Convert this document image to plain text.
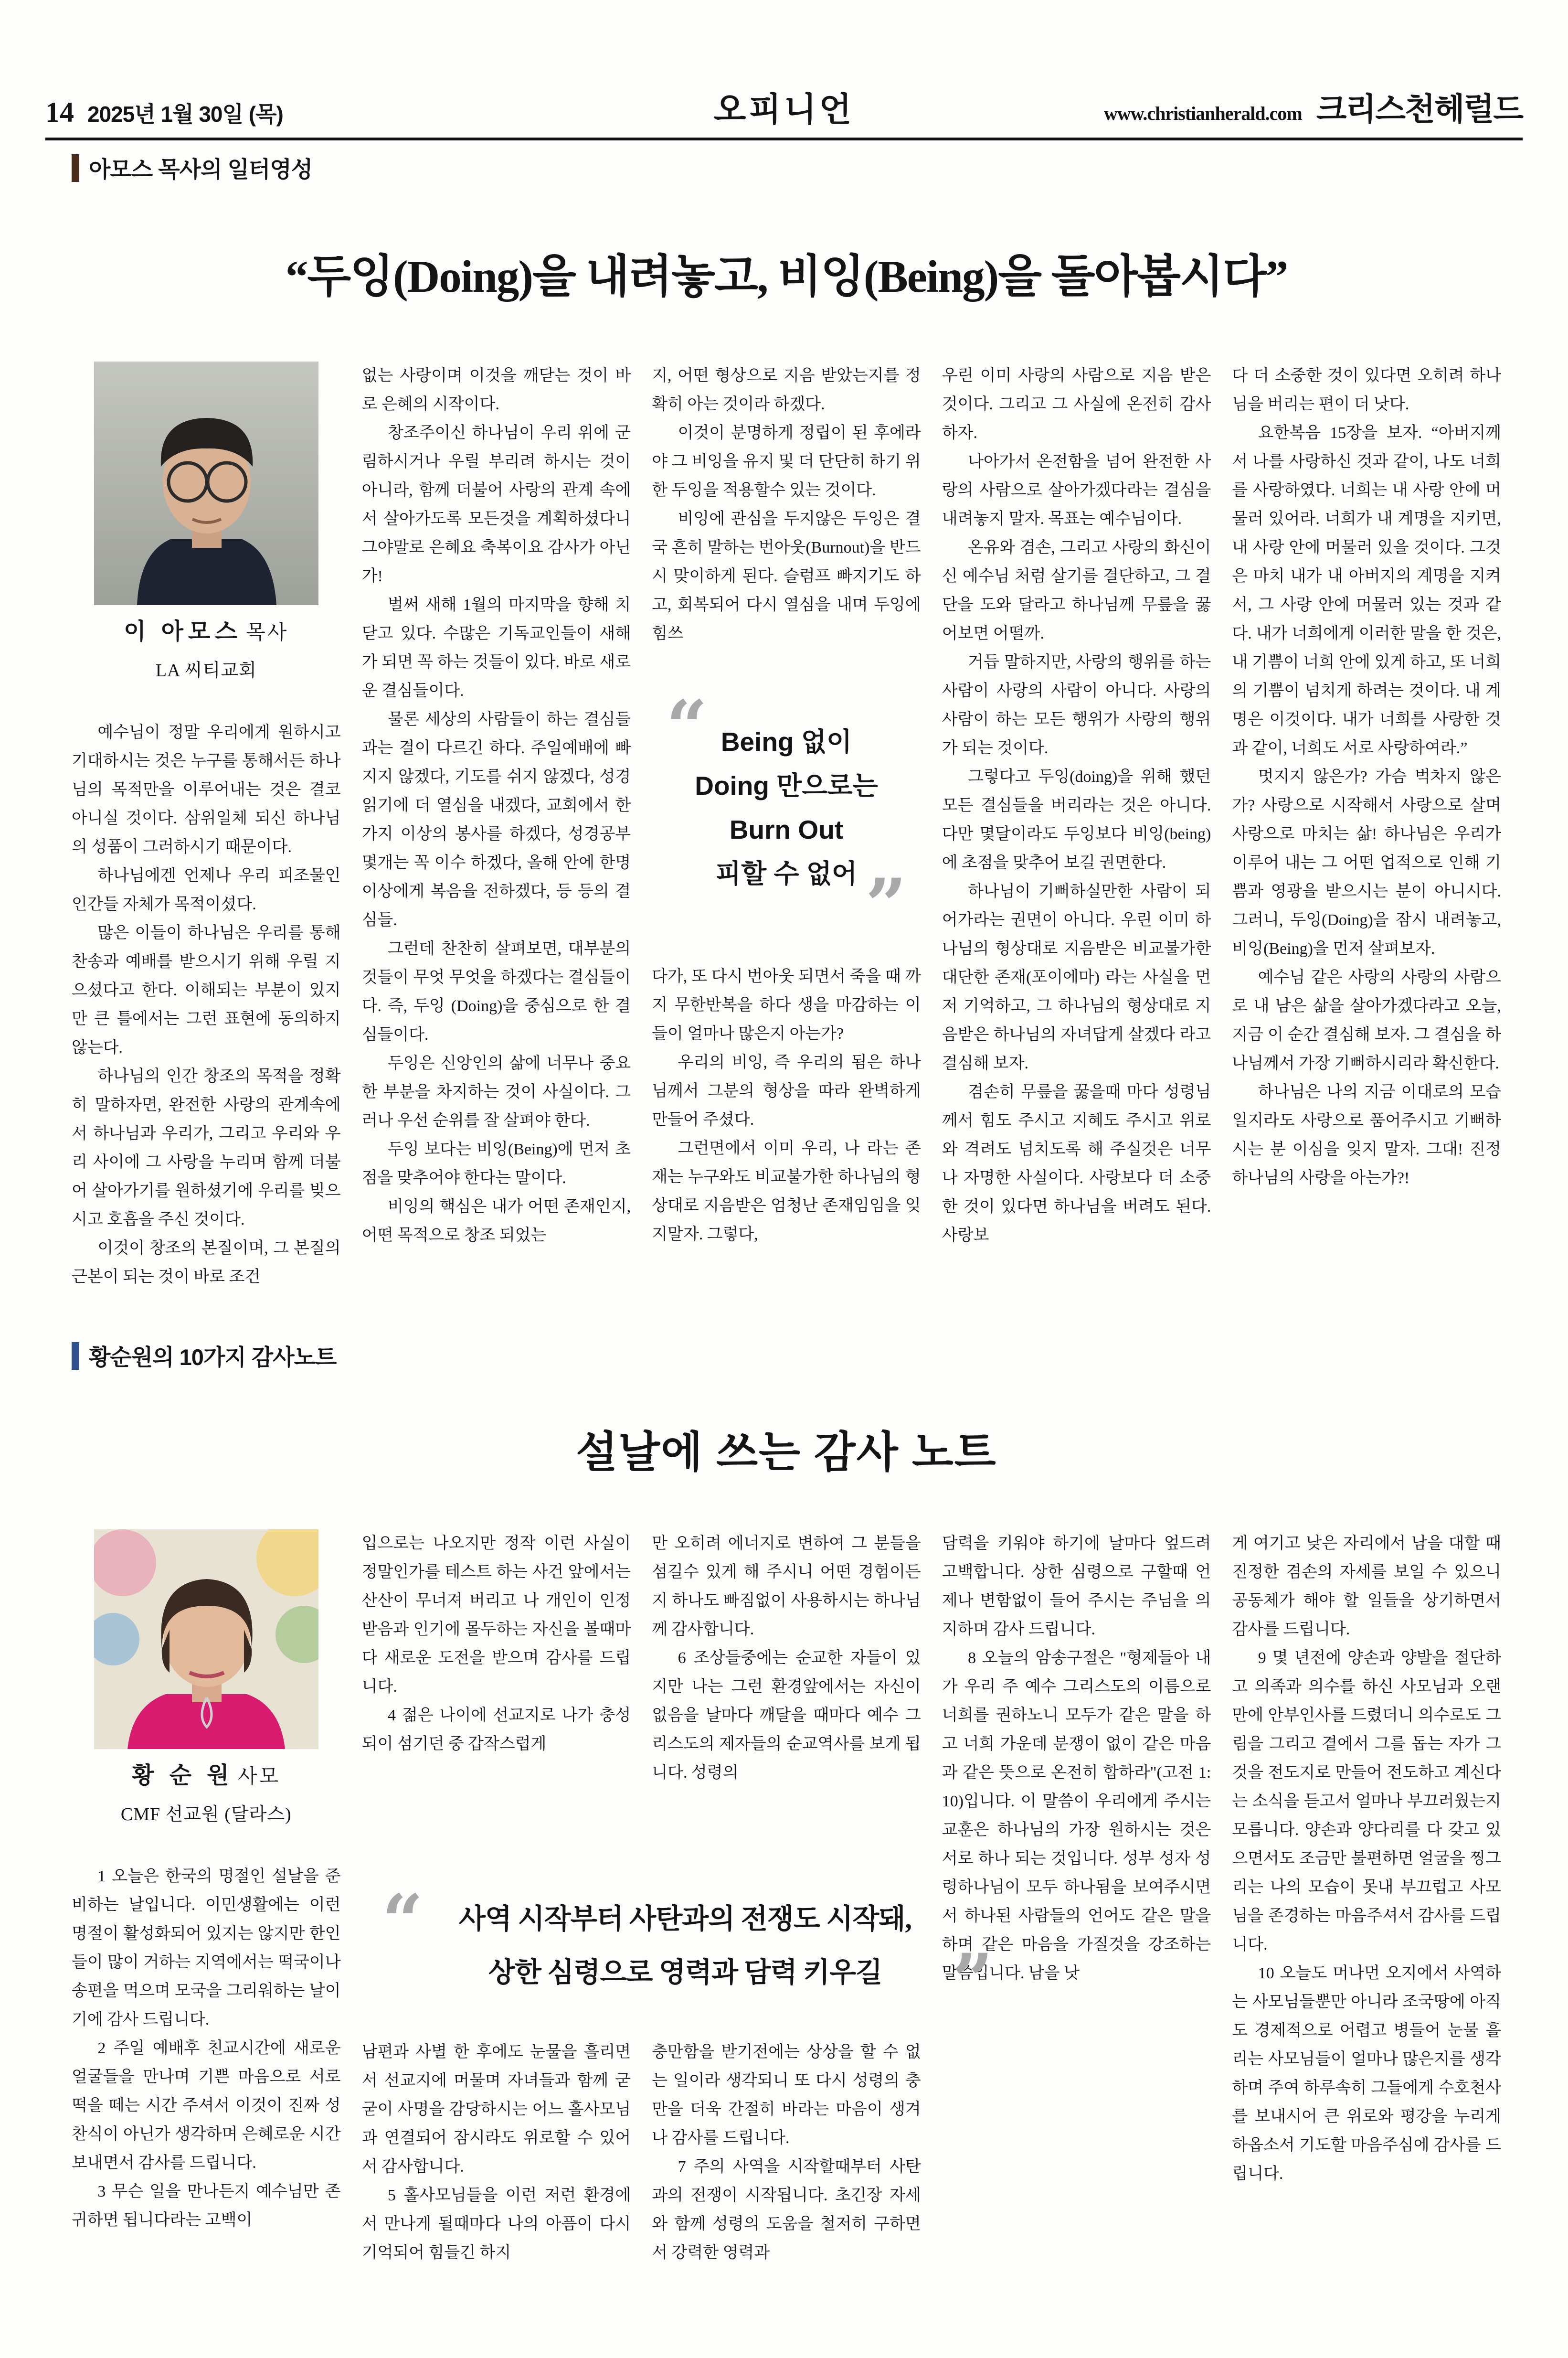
14 2025년 1월 30일 (목)	오피니언	www.christianherald.com 크리스천헤럴드
아모스 목사의 일터영성
“두잉(Doing)을 내려놓고, 비잉(Being)을 돌아봅시다”
이 아모스 목사
LA 씨티교회

예수님이 정말 우리에게 원하시고 기대하시는 것은 누구를 통해서든 하나님의 목적만을 이루어내는 것은 결코 아니실 것이다. 삼위일체 되신 하나님의 성품이 그러하시기 때문이다.

하나님에겐 언제나 우리 피조물인 인간들 자체가 목적이셨다.

많은 이들이 하나님은 우리를 통해 찬송과 예배를 받으시기 위해 우릴 지으셨다고 한다. 이해되는 부분이 있지만 큰 틀에서는 그런 표현에 동의하지 않는다.

하나님의 인간 창조의 목적을 정확히 말하자면, 완전한 사랑의 관계속에서 하나님과 우리가, 그리고 우리와 우리 사이에 그 사랑을 누리며 함께 더불어 살아가기를 원하셨기에 우리를 빚으시고 호흡을 주신 것이다.

이것이 창조의 본질이며, 그 본질의 근본이 되는 것이 바로 조건

없는 사랑이며 이것을 깨닫는 것이 바로 은혜의 시작이다.

창조주이신 하나님이 우리 위에 군림하시거나 우릴 부리려 하시는 것이 아니라, 함께 더불어 사랑의 관계 속에서 살아가도록 모든것을 계획하셨다니 그야말로 은혜요 축복이요 감사가 아닌가!

벌써 새해 1월의 마지막을 향해 치닫고 있다. 수많은 기독교인들이 새해가 되면 꼭 하는 것들이 있다. 바로 새로운 결심들이다.

물론 세상의 사람들이 하는 결심들과는 결이 다르긴 하다. 주일예배에 빠지지 않겠다, 기도를 쉬지 않겠다, 성경읽기에 더 열심을 내겠다, 교회에서 한가지 이상의 봉사를 하겠다, 성경공부 몇개는 꼭 이수 하겠다, 올해 안에 한명 이상에게 복음을 전하겠다, 등 등의 결심들.

그런데 찬찬히 살펴보면, 대부분의 것들이 무엇 무엇을 하겠다는 결심들이다. 즉, 두잉 (Doing)을 중심으로 한 결심들이다.

두잉은 신앙인의 삶에 너무나 중요한 부분을 차지하는 것이 사실이다. 그러나 우선 순위를 잘 살펴야 한다.

두잉 보다는 비잉(Being)에 먼저 초점을 맞추어야 한다는 말이다.

비잉의 핵심은 내가 어떤 존재인지, 어떤 목적으로 창조 되었는

지, 어떤 형상으로 지음 받았는지를 정확히 아는 것이라 하겠다.

이것이 분명하게 정립이 된 후에라야 그 비잉을 유지 및 더 단단히 하기 위한 두잉을 적용할수 있는 것이다.

비잉에 관심을 두지않은 두잉은 결국 흔히 말하는 번아웃(Burnout)을 반드시 맞이하게 된다. 슬럼프 빠지기도 하고, 회복되어 다시 열심을 내며 두잉에 힘쓰

“ Being 없이
Doing 만으로는
Burn Out
피할 수 없어 ”

다가, 또 다시 번아웃 되면서 죽을 때 까지 무한반복을 하다 생을 마감하는 이들이 얼마나 많은지 아는가?

우리의 비잉, 즉 우리의 됨은 하나님께서 그분의 형상을 따라 완벽하게 만들어 주셨다.

그런면에서 이미 우리, 나 라는 존재는 누구와도 비교불가한 하나님의 형상대로 지음받은 엄청난 존재임임을 잊지말자. 그렇다,

우린 이미 사랑의 사람으로 지음 받은 것이다. 그리고 그 사실에 온전히 감사하자.

나아가서 온전함을 넘어 완전한 사랑의 사람으로 살아가겠다라는 결심을 내려놓지 말자. 목표는 예수님이다.

온유와 겸손, 그리고 사랑의 화신이신 예수님 처럼 살기를 결단하고, 그 결단을 도와 달라고 하나님께 무릎을 꿇어보면 어떨까.

거듭 말하지만, 사랑의 행위를 하는 사람이 사랑의 사람이 아니다. 사랑의 사람이 하는 모든 행위가 사랑의 행위가 되는 것이다.

그렇다고 두잉(doing)을 위해 했던 모든 결심들을 버리라는 것은 아니다. 다만 몇달이라도 두잉보다 비잉(being)에 초점을 맞추어 보길 권면한다.

하나님이 기뻐하실만한 사람이 되어가라는 권면이 아니다. 우린 이미 하나님의 형상대로 지음받은 비교불가한 대단한 존재(포이에마) 라는 사실을 먼저 기억하고, 그 하나님의 형상대로 지음받은 하나님의 자녀답게 살겠다 라고 결심해 보자.

겸손히 무릎을 꿇을때 마다 성령님께서 힘도 주시고 지혜도 주시고 위로와 격려도 넘치도록 해 주실것은 너무나 자명한 사실이다. 사랑보다 더 소중한 것이 있다면 하나님을 버려도 된다. 사랑보

다 더 소중한 것이 있다면 오히려 하나님을 버리는 편이 더 낫다.

요한복음 15장을 보자. “아버지께서 나를 사랑하신 것과 같이, 나도 너희를 사랑하였다. 너희는 내 사랑 안에 머물러 있어라. 너희가 내 계명을 지키면, 내 사랑 안에 머물러 있을 것이다. 그것은 마치 내가 내 아버지의 계명을 지켜서, 그 사랑 안에 머물러 있는 것과 같다. 내가 너희에게 이러한 말을 한 것은, 내 기쁨이 너희 안에 있게 하고, 또 너희의 기쁨이 넘치게 하려는 것이다. 내 계명은 이것이다. 내가 너희를 사랑한 것과 같이, 너희도 서로 사랑하여라.”

멋지지 않은가? 가슴 벅차지 않은가? 사랑으로 시작해서 사랑으로 살며 사랑으로 마치는 삶! 하나님은 우리가 이루어 내는 그 어떤 업적으로 인해 기쁨과 영광을 받으시는 분이 아니시다. 그러니, 두잉(Doing)을 잠시 내려놓고, 비잉(Being)을 먼저 살펴보자.

예수님 같은 사랑의 사랑의 사람으로 내 남은 삶을 살아가겠다라고 오늘, 지금 이 순간 결심해 보자. 그 결심을 하나님께서 가장 기뻐하시리라 확신한다.

하나님은 나의 지금 이대로의 모습 일지라도 사랑으로 품어주시고 기뻐하시는 분 이심을 잊지 말자. 그대! 진정 하나님의 사랑을 아는가?!

황순원의 10가지 감사노트
설날에 쓰는 감사 노트
황 순 원 사모
CMF 선교원 (달라스)

1 오늘은 한국의 명절인 설날을 준비하는 날입니다. 이민생활에는 이런 명절이 활성화되어 있지는 않지만 한인들이 많이 거하는 지역에서는 떡국이나 송편을 먹으며 모국을 그리워하는 날이기에 감사 드립니다.

2 주일 예배후 친교시간에 새로운 얼굴들을 만나며 기쁜 마음으로 서로 떡을 떼는 시간 주셔서 이것이 진짜 성찬식이 아닌가 생각하며 은혜로운 시간 보내면서 감사를 드립니다.

3 무슨 일을 만나든지 예수님만 존귀하면 됩니다라는 고백이

입으로는 나오지만 정작 이런 사실이 정말인가를 테스트 하는 사건 앞에서는 산산이 무너져 버리고 나 개인이 인정 받음과 인기에 몰두하는 자신을 볼때마다 새로운 도전을 받으며 감사를 드립니다.

4 젊은 나이에 선교지로 나가 충성되이 섬기던 중 갑작스럽게

남편과 사별 한 후에도 눈물을 흘리면서 선교지에 머물며 자녀들과 함께 굳굳이 사명을 감당하시는 어느 홀사모님과 연결되어 잠시라도 위로할 수 있어서 감사합니다.

5 홀사모님들을 이런 저런 환경에서 만나게 될때마다 나의 아픔이 다시 기억되어 힘들긴 하지

만 오히려 에너지로 변하여 그 분들을 섬길수 있게 해 주시니 어떤 경험이든지 하나도 빠짐없이 사용하시는 하나님께 감사합니다.

6 조상들중에는 순교한 자들이 있지만 나는 그런 환경앞에서는 자신이 없음을 날마다 깨달을 때마다 예수 그리스도의 제자들의 순교역사를 보게 됩니다. 성령의

충만함을 받기전에는 상상을 할 수 없는 일이라 생각되니 또 다시 성령의 충만을 더욱 간절히 바라는 마음이 생겨나 감사를 드립니다.

7 주의 사역을 시작할때부터 사탄과의 전쟁이 시작됩니다. 초긴장 자세와 함께 성령의 도움을 철저히 구하면서 강력한 영력과

담력을 키워야 하기에 날마다 엎드려 고백합니다. 상한 심령으로 구할때 언제나 변함없이 들어 주시는 주님을 의지하며 감사 드립니다.

8 오늘의 암송구절은 "형제들아 내가 우리 주 예수 그리스도의 이름으로 너희를 권하노니 모두가 같은 말을 하고 너희 가운데 분쟁이 없이 같은 마음과 같은 뜻으로 온전히 합하라"(고전 1:10)입니다. 이 말씀이 우리에게 주시는 교훈은 하나님의 가장 원하시는 것은 서로 하나 되는 것입니다. 성부 성자 성령하나님이 모두 하나됨을 보여주시면서 하나된 사람들의 언어도 같은 말을 하며 같은 마음을 가질것을 강조하는 말씀입니다. 남을 낫

게 여기고 낮은 자리에서 남을 대할 때 진정한 겸손의 자세를 보일 수 있으니 공동체가 해야 할 일들을 상기하면서 감사를 드립니다.

9 몇 년전에 양손과 양발을 절단하고 의족과 의수를 하신 사모님과 오랜만에 안부인사를 드렸더니 의수로도 그림을 그리고 곁에서 그를 돕는 자가 그것을 전도지로 만들어 전도하고 계신다는 소식을 듣고서 얼마나 부끄러웠는지 모릅니다. 양손과 양다리를 다 갖고 있으면서도 조금만 불편하면 얼굴을 찡그리는 나의 모습이 못내 부끄럽고 사모님을 존경하는 마음주셔서 감사를 드립니다.

10 오늘도 머나먼 오지에서 사역하는 사모님들뿐만 아니라 조국땅에 아직도 경제적으로 어렵고 병들어 눈물 흘리는 사모님들이 얼마나 많은지를 생각하며 주여 하루속히 그들에게 수호천사를 보내시어 큰 위로와 평강을 누리게 하옵소서 기도할 마음주심에 감사를 드립니다.

“	사역 시작부터 사탄과의 전쟁도 시작돼,
상한 심령으로 영력과 담력 키우길 ”
